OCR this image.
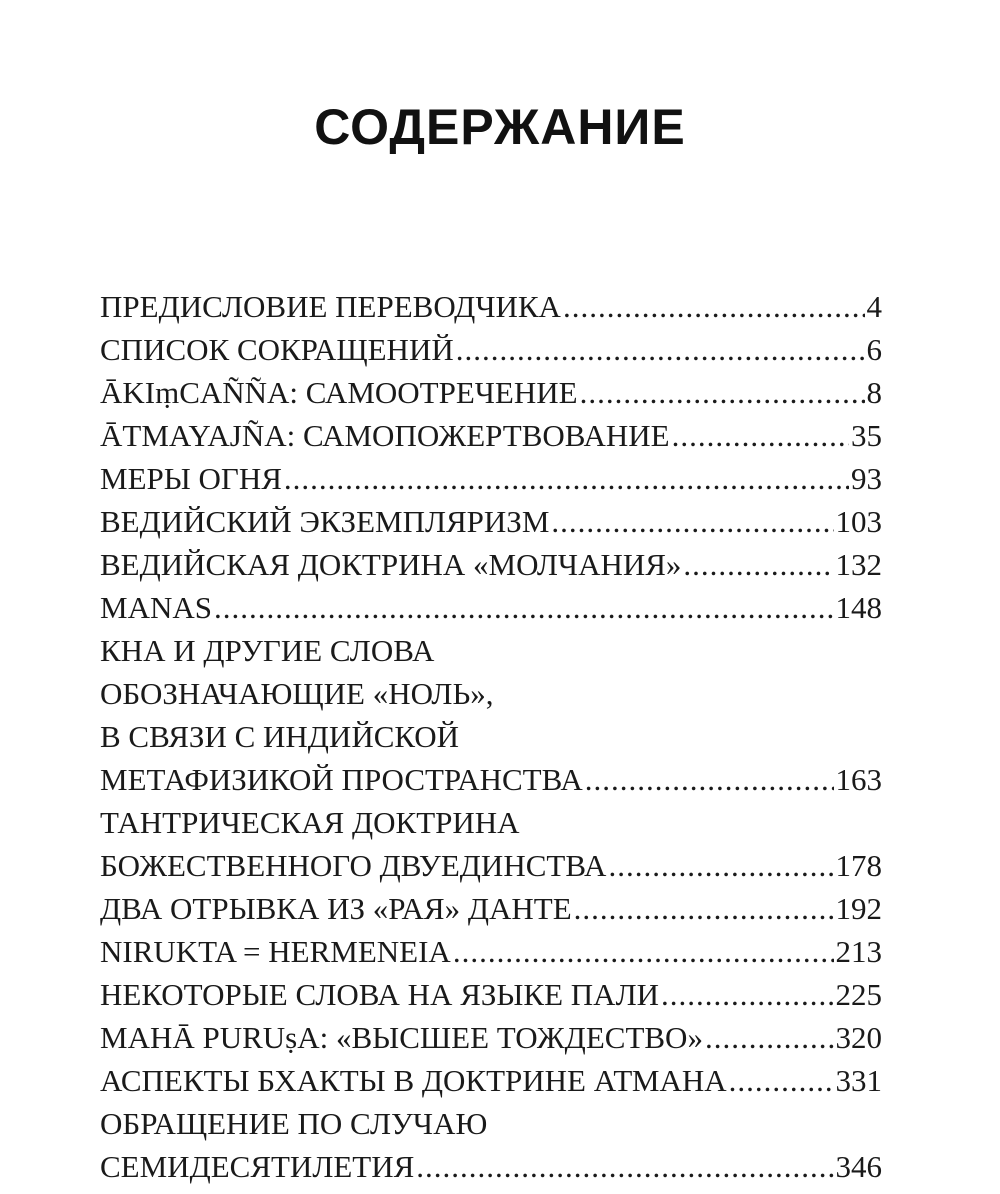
СОДЕРЖАНИЕ
ПРЕДИСЛОВИЕ ПЕРЕВОДЧИКА .....	4
СПИСОК СОКРАЩЕНИЙ .....	6
ĀKIṃCAÑÑA: САМООТРЕЧЕНИЕ .....	8
ĀTMAYAJÑA: САМОПОЖЕРТВОВАНИЕ .....	35
МЕРЫ ОГНЯ .....	93
ВЕДИЙСКИЙ ЭКЗЕМПЛЯРИЗМ .....	103
ВЕДИЙСКАЯ ДОКТРИНА «МОЛЧАНИЯ» .....	132
MANAS .....	148
КНА И ДРУГИЕ СЛОВА
ОБОЗНАЧАЮЩИЕ «НОЛЬ»,
В СВЯЗИ С ИНДИЙСКОЙ
МЕТАФИЗИКОЙ ПРОСТРАНСТВА .....	163
ТАНТРИЧЕСКАЯ ДОКТРИНА
БОЖЕСТВЕННОГО ДВУЕДИНСТВА .....	178
ДВА ОТРЫВКА ИЗ «РАЯ» ДАНТЕ .....	192
NIRUKTA = HERMENEIA .....	213
НЕКОТОРЫЕ СЛОВА НА ЯЗЫКЕ ПАЛИ .....	225
MAHĀ PURUṣA: «ВЫСШЕЕ ТОЖДЕСТВО» .....	320
АСПЕКТЫ БХАКТЫ В ДОКТРИНЕ АТМАНА .....	331
ОБРАЩЕНИЕ ПО СЛУЧАЮ
СЕМИДЕСЯТИЛЕТИЯ .....	346
